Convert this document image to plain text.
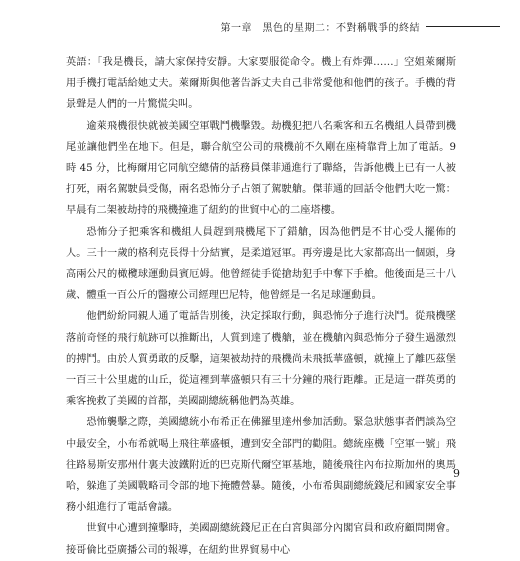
第一章　黑色的星期二：不對稱戰爭的終結

英語：「我是機長，請大家保持安靜。大家要服從命令。機上有炸彈……」空姐萊爾斯用手機打電話給她丈夫。萊爾斯與他著告訴丈夫自己非常愛他和他們的孩子。手機的背景聲是人們的一片驚慌尖叫。

逾萊飛機很快就被美國空軍戰鬥機擊毀。劫機犯把八名乘客和五名機組人員帶到機尾並讓他們坐在地下。但是，聯合航空公司的飛機前不久剛在座椅靠背上加了電話。9 時 45 分，比梅爾用它同航空總倩的話務員傑菲通進行了聯絡，告訴他機上已有一人被打死，兩名駕駛員受傷，兩名恐怖分子占領了駕駛艙。傑菲通的回話令他們大吃一驚：早晨有二架被劫持的飛機撞進了紐約的世貿中心的二座塔樓。

恐怖分子把乘客和機組人員趕到飛機尾下了錯艙，因為他們是不甘心受人擺佈的人。三十一歲的格利克長得十分結實，是柔道冠軍。再旁邊是比大家都高出一個頭，身高兩公尺的橄欖球運動員賓厄姆。他曾經徒手從搶劫犯手中奪下手槍。他後面是三十八歲、體重一百公斤的醫療公司經理巴尼特，他曾經是一名足球運動員。

他們紛紛同親人通了電話告別後，決定採取行動，與恐怖分子進行決鬥。從飛機墜落前奇怪的飛行航跡可以推斷出，人質到達了機艙，並在機艙內與恐怖分子發生過激烈的搏鬥。由於人質勇敢的反擊，這架被劫持的飛機尚未飛抵華盛頓，就撞上了離匹茲堡一百三十公里處的山丘，從這裡到華盛頓只有三十分鐘的飛行距離。正是這一群英勇的乘客挽救了美國的首都，美國副總統稱他們為英雄。

恐怖襲擊之際，美國總統小布希正在佛羅里達州參加活動。緊急狀態事者們談為空中最安全，小布希就喝上飛往華盛頓，遭到安全部門的勸阻。總統座機「空軍一號」飛往路易斯安那州什裏夫波鐵附近的巴克斯代爾空軍基地，隨後飛往內布拉斯加州的奧馬哈，躲進了美國戰略司令部的地下掩體營暴。隨後，小布希與副總統錢尼和國家安全事務小組進行了電話會議。

世貿中心遭到撞擊時，美國副總統錢尼正在白宮與部分內閣官員和政府顧問開會。接哥倫比亞廣播公司的報導，在紐約世界貿易中心

9
